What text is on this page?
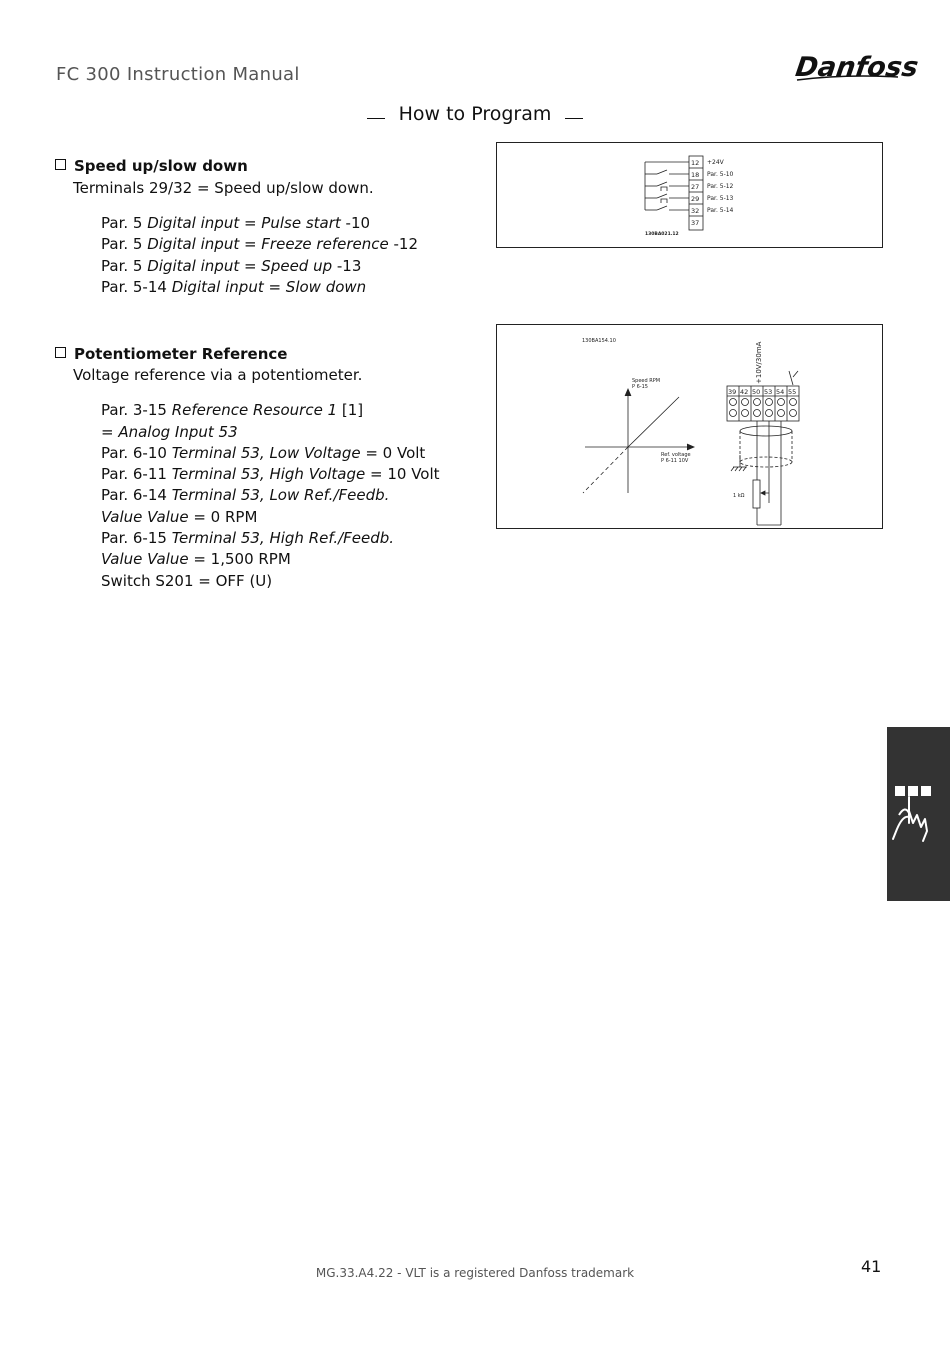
FC 300 Instruction Manual	Danfoss
How to Program
Speed up/slow down
Terminals 29/32 = Speed up/slow down.
Par. 5 Digital input = Pulse start -10
Par. 5 Digital input = Freeze reference -12
Par. 5 Digital input = Speed up -13
Par. 5-14 Digital input = Slow down
12
18
27
29
32
37
+24V
Par. 5-10
Par. 5-12
Par. 5-13
Par. 5-14
130BA021.12
Potentiometer Reference
Voltage reference via a potentiometer.
Par. 3-15 Reference Resource 1 [1]
= Analog Input 53
Par. 6-10 Terminal 53, Low Voltage = 0 Volt
Par. 6-11 Terminal 53, High Voltage = 10 Volt
Par. 6-14 Terminal 53, Low Ref./Feedb.
Value Value = 0 RPM
Par. 6-15 Terminal 53, High Ref./Feedb.
Value Value = 1,500 RPM
Switch S201 = OFF (U)
130BA154.10
Speed RPM
P 6-15
Ref. voltage
P 6-11 10V
1 kΩ
39 42 50 53 54 55
+10V/30mA
MG.33.A4.22 - VLT is a registered Danfoss trademark	41
